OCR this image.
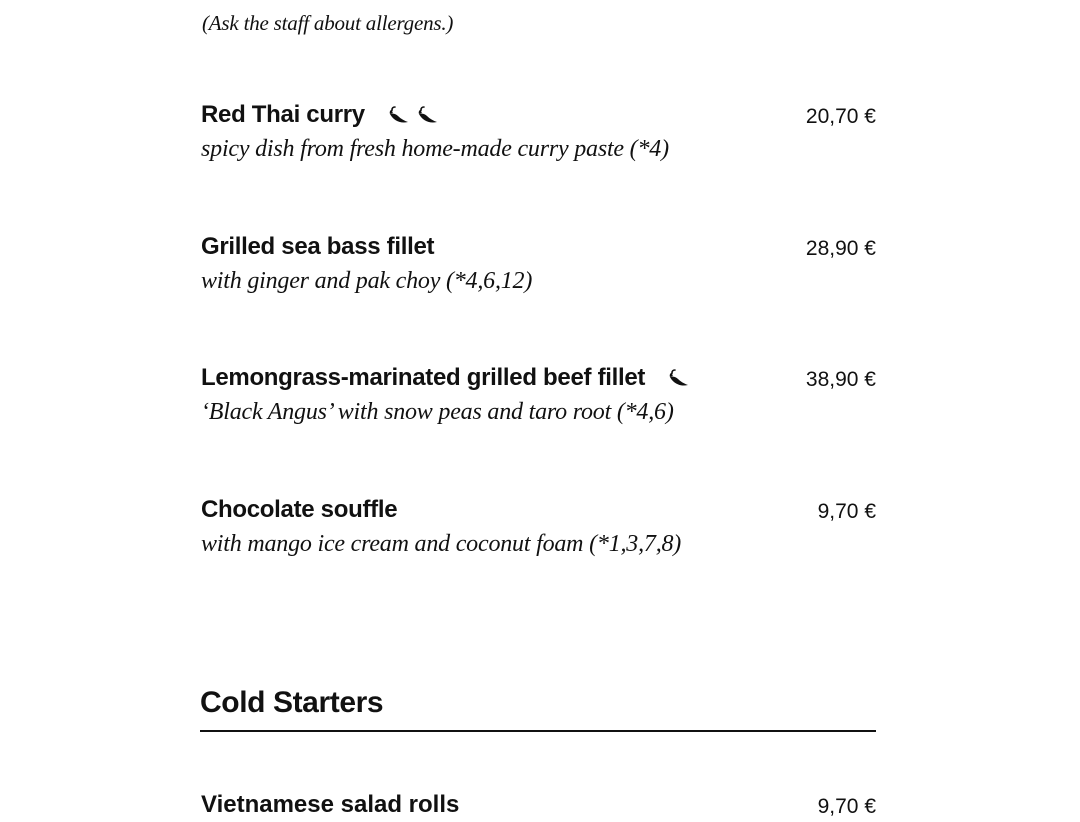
(Ask the staff about allergens.)
Red Thai curry	20,70 €
spicy dish from fresh home-made curry paste (*4)
Grilled sea bass fillet	28,90 €
with ginger and pak choy (*4,6,12)
Lemongrass-marinated grilled beef fillet	38,90 €
‘Black Angus’ with snow peas and taro root (*4,6)
Chocolate souffle	9,70 €
with mango ice cream and coconut foam (*1,3,7,8)
Cold Starters
Vietnamese salad rolls	9,70 €
